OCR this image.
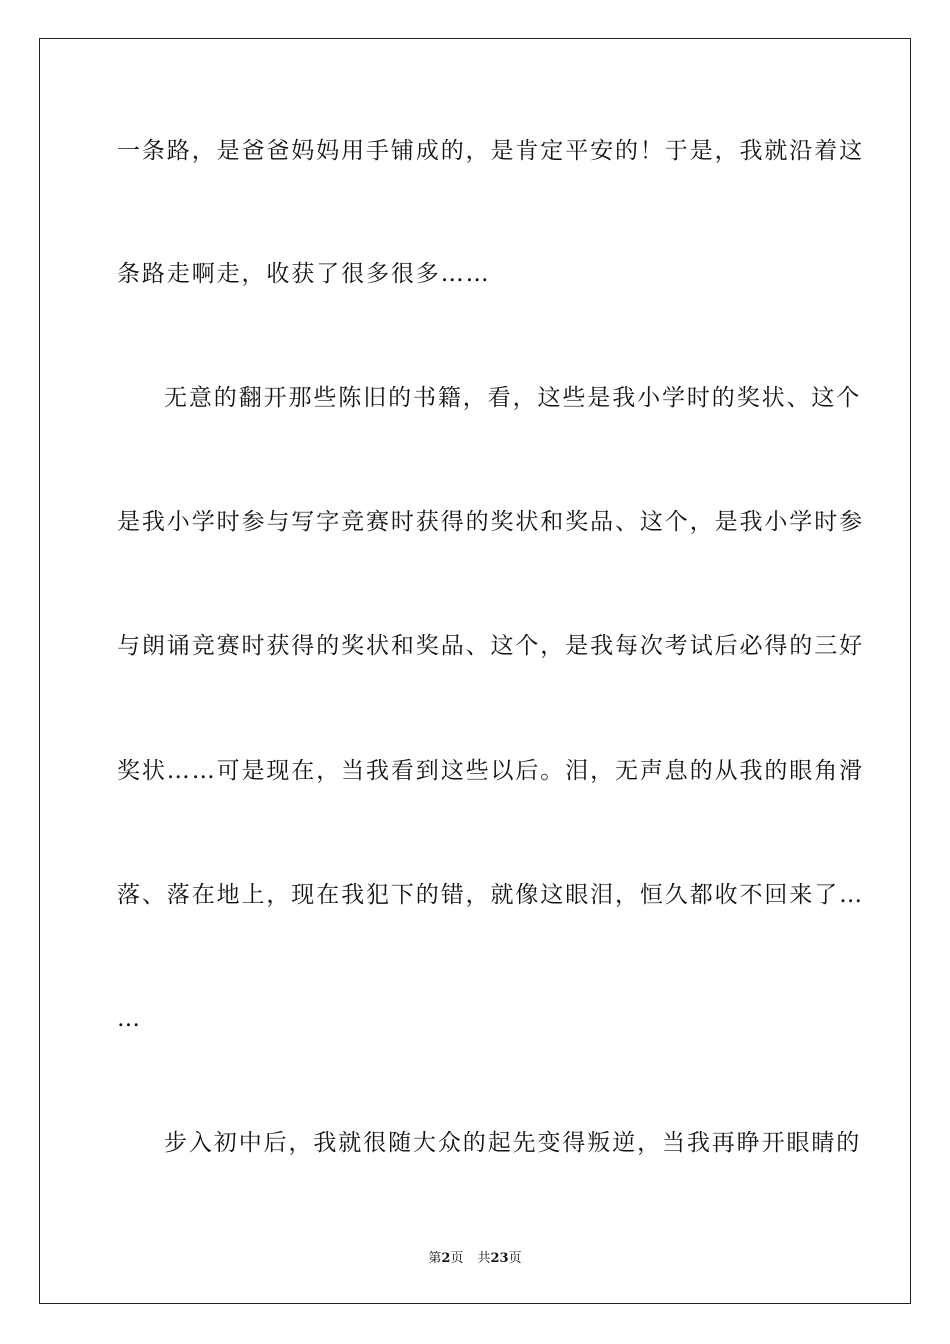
一条路，是爸爸妈妈用手铺成的，是肯定平安的！于是，我就沿着这
条路走啊走，收获了很多很多……
无意的翻开那些陈旧的书籍，看，这些是我小学时的奖状、这个
是我小学时参与写字竞赛时获得的奖状和奖品、这个，是我小学时参
与朗诵竞赛时获得的奖状和奖品、这个，是我每次考试后必得的三好
奖状……可是现在，当我看到这些以后。泪，无声息的从我的眼角滑
落、落在地上，现在我犯下的错，就像这眼泪，恒久都收不回来了…
…
步入初中后，我就很随大众的起先变得叛逆，当我再睁开眼睛的
第2页 共23页
